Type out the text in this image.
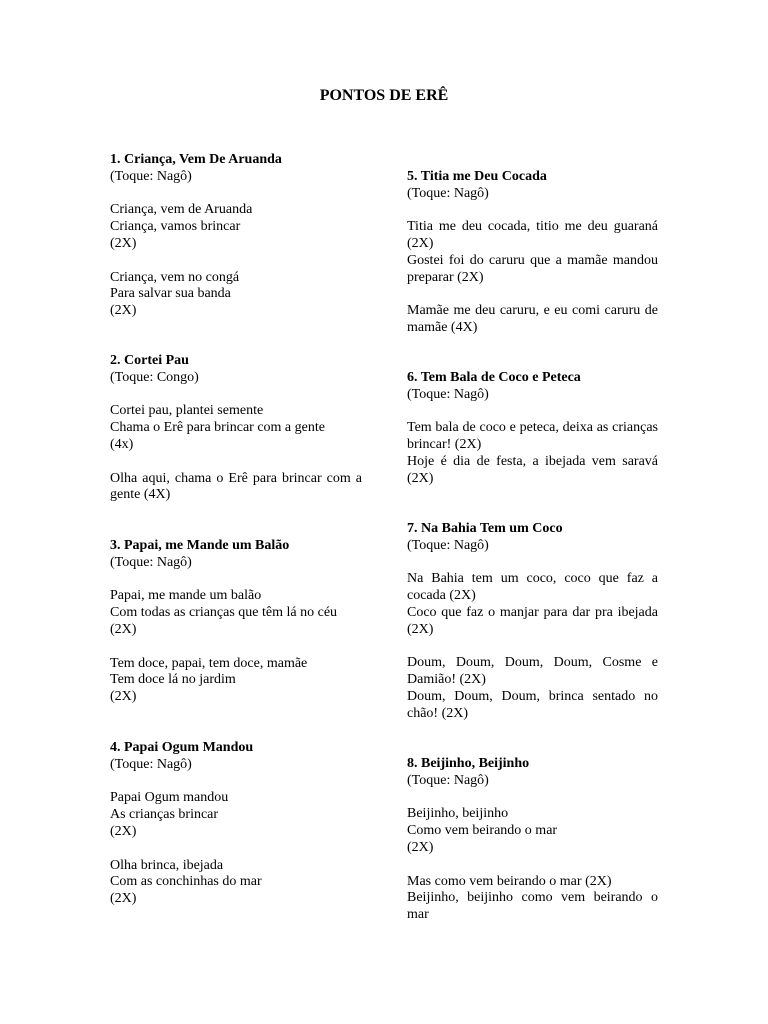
PONTOS DE ERÊ
1. Criança, Vem De Aruanda
(Toque: Nagô)
Criança, vem de Aruanda
Criança, vamos brincar
(2X)
Criança, vem no congá
Para salvar sua banda
(2X)
2. Cortei Pau
(Toque: Congo)
Cortei pau, plantei semente
Chama o Erê para brincar com a gente
(4x)
Olha aqui, chama o Erê para brincar com a gente (4X)
3. Papai, me Mande um Balão
(Toque: Nagô)
Papai, me mande um balão
Com todas as crianças que têm lá no céu
(2X)
Tem doce, papai, tem doce, mamãe
Tem doce lá no jardim
(2X)
4. Papai Ogum Mandou
(Toque: Nagô)
Papai Ogum mandou
As crianças brincar
(2X)
Olha brinca, ibejada
Com as conchinhas do mar
(2X)
5. Titia me Deu Cocada
(Toque: Nagô)
Titia me deu cocada, titio me deu guaraná (2X)
Gostei foi do caruru que a mamãe mandou preparar (2X)
Mamãe me deu caruru, e eu comi caruru de mamãe (4X)
6. Tem Bala de Coco e Peteca
(Toque: Nagô)
Tem bala de coco e peteca, deixa as crianças brincar! (2X)
Hoje é dia de festa, a ibejada vem saravá (2X)
7. Na Bahia Tem um Coco
(Toque: Nagô)
Na Bahia tem um coco, coco que faz a cocada (2X)
Coco que faz o manjar para dar pra ibejada (2X)
Doum, Doum, Doum, Doum, Cosme e Damião! (2X)
Doum, Doum, Doum, brinca sentado no chão! (2X)
8. Beijinho, Beijinho
(Toque: Nagô)
Beijinho, beijinho
Como vem beirando o mar
(2X)
Mas como vem beirando o mar (2X)
Beijinho, beijinho como vem beirando o mar
